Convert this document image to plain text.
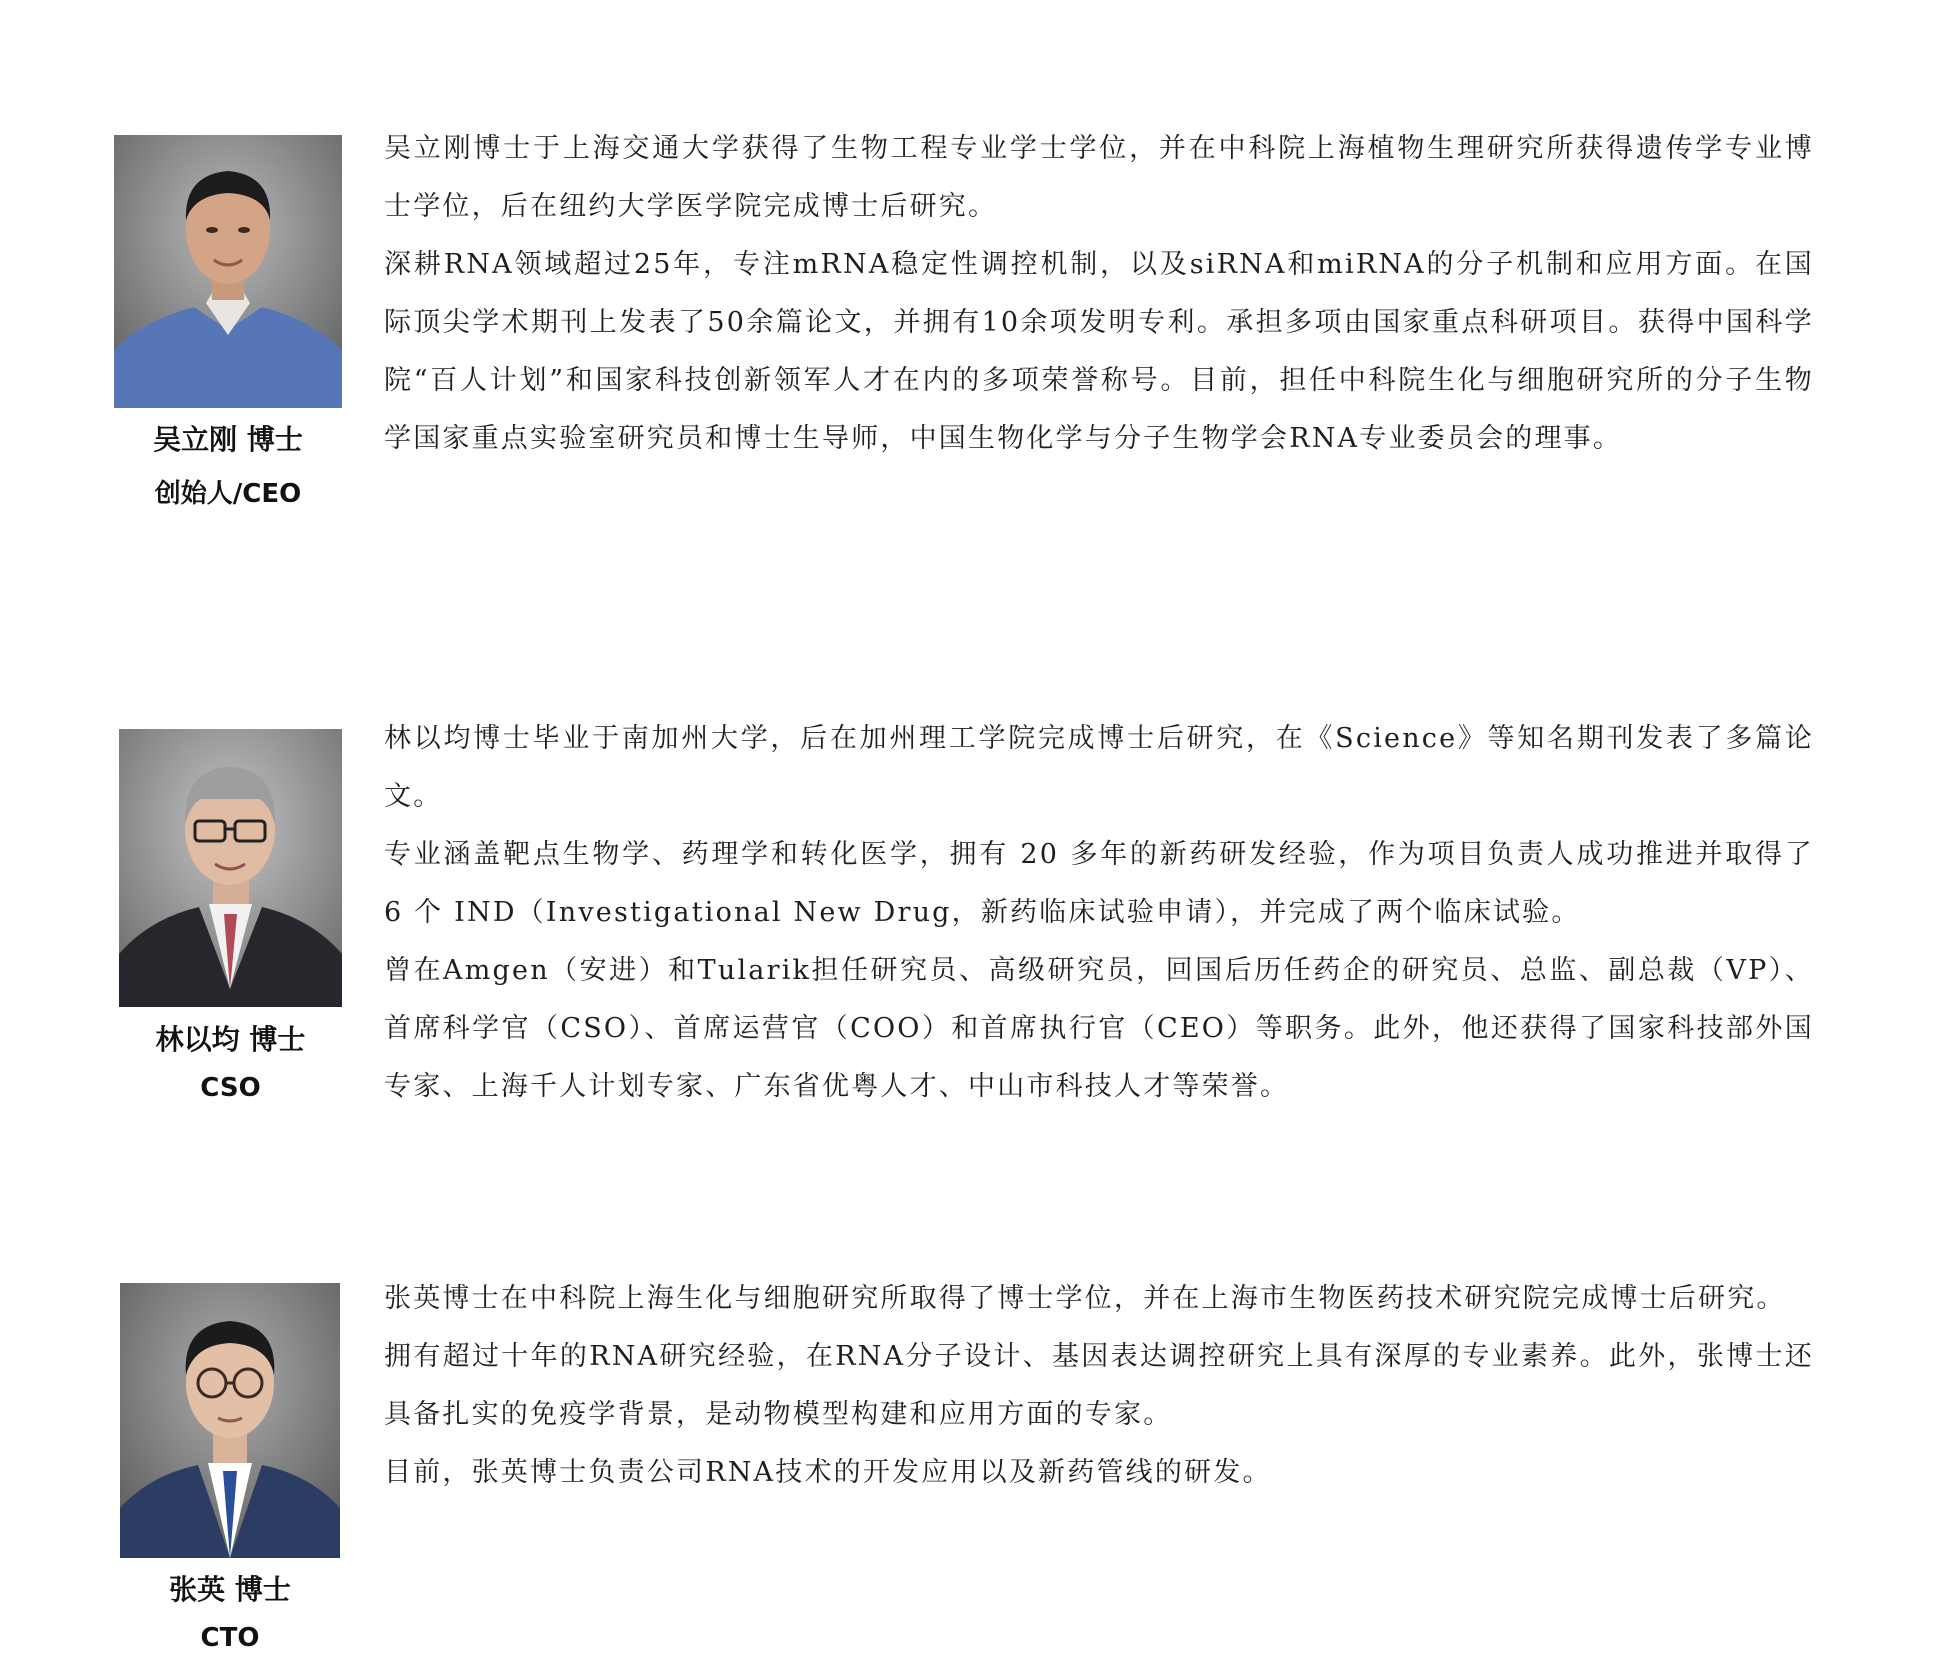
吴立刚 博士
创始人/CEO

吴立刚博士于上海交通大学获得了生物工程专业学士学位，并在中科院上海植物生理研究所获得遗传学专业博士学位，后在纽约大学医学院完成博士后研究。

深耕RNA领域超过25年，专注mRNA稳定性调控机制，以及siRNA和miRNA的分子机制和应用方面。在国际顶尖学术期刊上发表了50余篇论文，并拥有10余项发明专利。承担多项由国家重点科研项目。获得中国科学院“百人计划”和国家科技创新领军人才在内的多项荣誉称号。目前，担任中科院生化与细胞研究所的分子生物学国家重点实验室研究员和博士生导师，中国生物化学与分子生物学会RNA专业委员会的理事。

林以均 博士
CSO

林以均博士毕业于南加州大学，后在加州理工学院完成博士后研究，在《Science》等知名期刊发表了多篇论文。

专业涵盖靶点生物学、药理学和转化医学，拥有 20 多年的新药研发经验，作为项目负责人成功推进并取得了 6 个 IND（Investigational New Drug，新药临床试验申请），并完成了两个临床试验。

曾在Amgen（安进）和Tularik担任研究员、高级研究员，回国后历任药企的研究员、总监、副总裁（VP）、首席科学官（CSO）、首席运营官（COO）和首席执行官（CEO）等职务。此外，他还获得了国家科技部外国专家、上海千人计划专家、广东省优粤人才、中山市科技人才等荣誉。

张英 博士
CTO

张英博士在中科院上海生化与细胞研究所取得了博士学位，并在上海市生物医药技术研究院完成博士后研究。

拥有超过十年的RNA研究经验，在RNA分子设计、基因表达调控研究上具有深厚的专业素养。此外，张博士还具备扎实的免疫学背景，是动物模型构建和应用方面的专家。

目前，张英博士负责公司RNA技术的开发应用以及新药管线的研发。
